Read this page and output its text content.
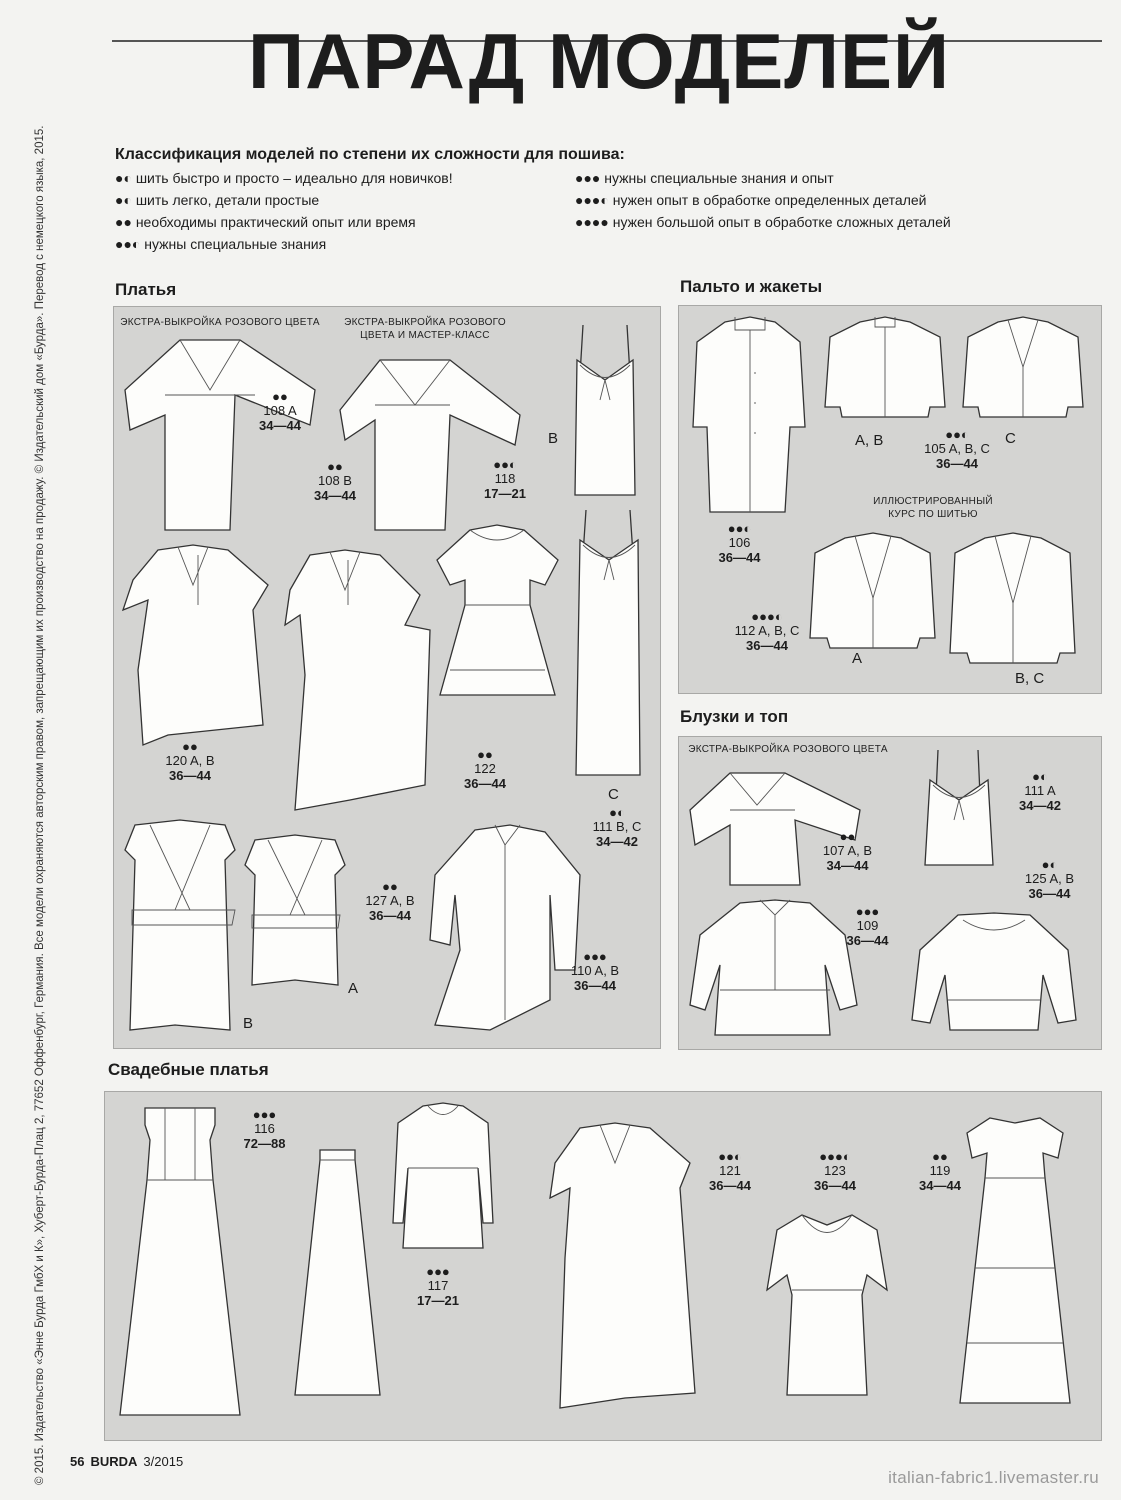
ПАРАД МОДЕЛЕЙ
© 2015. Издательство «Энне Бурда ГмбХ и К», Хуберт-Бурда-Плац 2, 77652 Оффенбург, Германия. Все модели охраняются авторским правом, запрещающим их производство на продажу. © Издательский дом «Бурда». Перевод с немецкого языка, 2015.	Классификация моделей по степени их сложности для пошива:
●◐ шить быстро и просто – идеально для новичков!
●◐ шить легко, детали простые
●● необходимы практический опыт или время
●●◐ нужны специальные знания
●●● нужны специальные знания и опыт
●●●◐ нужен опыт в обработке определенных деталей
●●●● нужен большой опыт в обработке сложных деталей
Платья
ЭКСТРА-ВЫКРОЙКА РОЗОВОГО ЦВЕТА	ЭКСТРА-ВЫКРОЙКА РОЗОВОГО ЦВЕТА И МАСТЕР-КЛАСС
●●
108 A
34—44
●●
108 B
34—44
B
●●◐
118
17—21
●●
120 A, B
36—44
●●
122
36—44
C
●◐
111 B, C
34—42
B
A
●●
127 A, B
36—44
●●●
110 A, B
36—44
Пальто и жакеты
●●◐
106
36—44
A, B	C
●●◐
105 A, B, C
36—44
ИЛЛЮСТРИРОВАННЫЙ КУРС ПО ШИТЬЮ
A
B, C
●●●◐
112 A, B, C
36—44
Блузки и топ
ЭКСТРА-ВЫКРОЙКА РОЗОВОГО ЦВЕТА
●●
107 A, B
34—44
●◐
111 A
34—42
●●●
109
36—44
●◐
125 A, B
36—44
Свадебные платья
●●●
116
72—88
●●●
117
17—21
●●◐
121
36—44
●●●◐
123
36—44
●●
119
34—44
56 BURDA 3/2015
italian-fabric1.livemaster.ru
